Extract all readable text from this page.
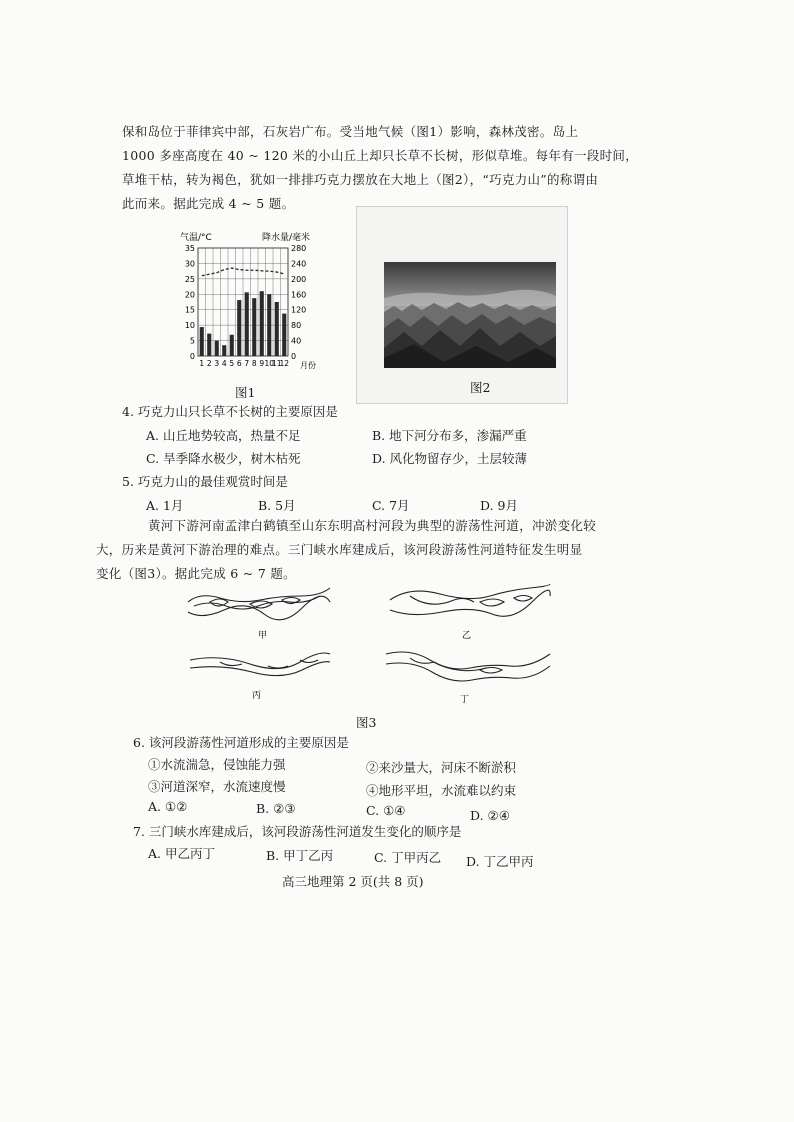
保和岛位于菲律宾中部，石灰岩广布。受当地气候（图1）影响，森林茂密。岛上
1000 多座高度在 40 ~ 120 米的小山丘上却只长草不长树，形似草堆。每年有一段时间，
草堆干枯，转为褐色，犹如一排排巧克力摆放在大地上（图2），“巧克力山”的称谓由
此而来。据此完成 4 ~ 5 题。
气温/°C	降水量/毫米
0
5
10
15
20
25
30
35
0
40
80
120
160
200
240
280
1 2 3 4 5 6 7 8 9 10
11
12 月份
图1	图2
4. 巧克力山只长草不长树的主要原因是
A. 山丘地势较高，热量不足	B. 地下河分布多，渗漏严重
C. 旱季降水极少，树木枯死	D. 风化物留存少，土层较薄
5. 巧克力山的最佳观赏时间是
A. 1月	B. 5月	C. 7月	D. 9月
黄河下游河南孟津白鹤镇至山东东明高村河段为典型的游荡性河道，冲淤变化较
大，历来是黄河下游治理的难点。三门峡水库建成后，该河段游荡性河道特征发生明显
变化（图3）。据此完成 6 ~ 7 题。
甲	乙
丙	丁
图3
6. 该河段游荡性河道形成的主要原因是
①水流湍急，侵蚀能力强	②来沙量大，河床不断淤积
③河道深窄，水流速度慢	④地形平坦，水流难以约束
A. ①②	B. ②③	C. ①④	D. ②④
7. 三门峡水库建成后，该河段游荡性河道发生变化的顺序是
A. 甲乙丙丁	B. 甲丁乙丙	C. 丁甲丙乙 D. 丁乙甲丙
高三地理第 2 页(共 8 页)
